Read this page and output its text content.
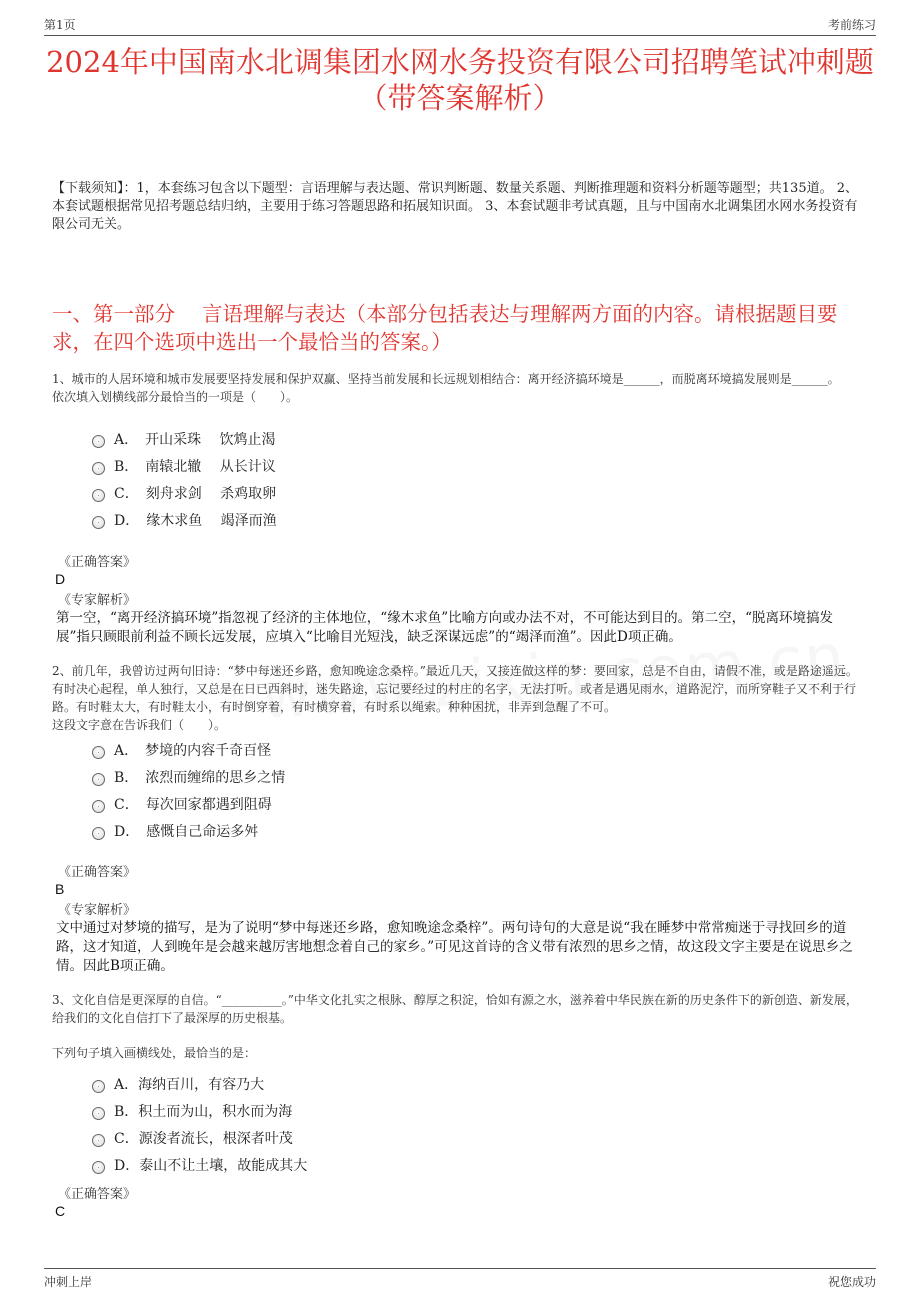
第1页	考前练习
2024年中国南水北调集团水网水务投资有限公司招聘笔试冲刺题（带答案解析）
【下载须知】：1，本套练习包含以下题型：言语理解与表达题、常识判断题、数量关系题、判断推理题和资料分析题等题型；共135道。 2、本套试题根据常见招考题总结归纳，主要用于练习答题思路和拓展知识面。 3、本套试题非考试真题，且与中国南水北调集团水网水务投资有限公司无关。
一、第一部分　 言语理解与表达（本部分包括表达与理解两方面的内容。请根据题目要求，在四个选项中选出一个最恰当的答案。）

1、城市的人居环境和城市发展要坚持发展和保护双赢、坚持当前发展和长远规划相结合：离开经济搞环境是______，而脱离环境搞发展则是______。

依次填入划横线部分最恰当的一项是（　　）。

A．　开山采珠　 饮鸩止渴
B．　南辕北辙　 从长计议
C．　刻舟求剑　 杀鸡取卵
D．　缘木求鱼　 竭泽而渔
《正确答案》
D
《专家解析》
第一空，“离开经济搞环境”指忽视了经济的主体地位，“缘木求鱼”比喻方向或办法不对，不可能达到目的。第二空，“脱离环境搞发展”指只顾眼前利益不顾长远发展，应填入“比喻目光短浅，缺乏深谋远虑”的“竭泽而渔”。因此D项正确。

2、前几年，我曾访过两句旧诗：“梦中每迷还乡路，愈知晚途念桑梓。”最近几天，又接连做这样的梦：要回家，总是不自由，请假不准，或是路途遥远。有时决心起程，单人独行，又总是在日已西斜时，迷失路途，忘记要经过的村庄的名字，无法打听。或者是遇见雨水，道路泥泞，而所穿鞋子又不利于行路。有时鞋太大，有时鞋太小，有时倒穿着，有时横穿着，有时系以绳索。种种困扰，非弄到急醒了不可。

这段文字意在告诉我们（　　）。

A．　梦境的内容千奇百怪
B．　浓烈而缠绵的思乡之情
C．　每次回家都遇到阻碍
D．　感慨自己命运多舛
《正确答案》
B
《专家解析》
文中通过对梦境的描写，是为了说明“梦中每迷还乡路，愈知晚途念桑梓”。两句诗句的大意是说“我在睡梦中常常痴迷于寻找回乡的道路，这才知道，人到晚年是会越来越厉害地想念着自己的家乡。”可见这首诗的含义带有浓烈的思乡之情，故这段文字主要是在说思乡之情。因此B项正确。

3、文化自信是更深厚的自信。“__________。”中华文化扎实之根脉、醇厚之积淀，恰如有源之水，滋养着中华民族在新的历史条件下的新创造、新发展，给我们的文化自信打下了最深厚的历史根基。

下列句子填入画横线处，最恰当的是：

A．海纳百川，有容乃大
B．积土而为山，积水而为海
C．源浚者流长，根深者叶茂
D．泰山不让土壤，故能成其大
《正确答案》
C
冲刺上岸	祝您成功
